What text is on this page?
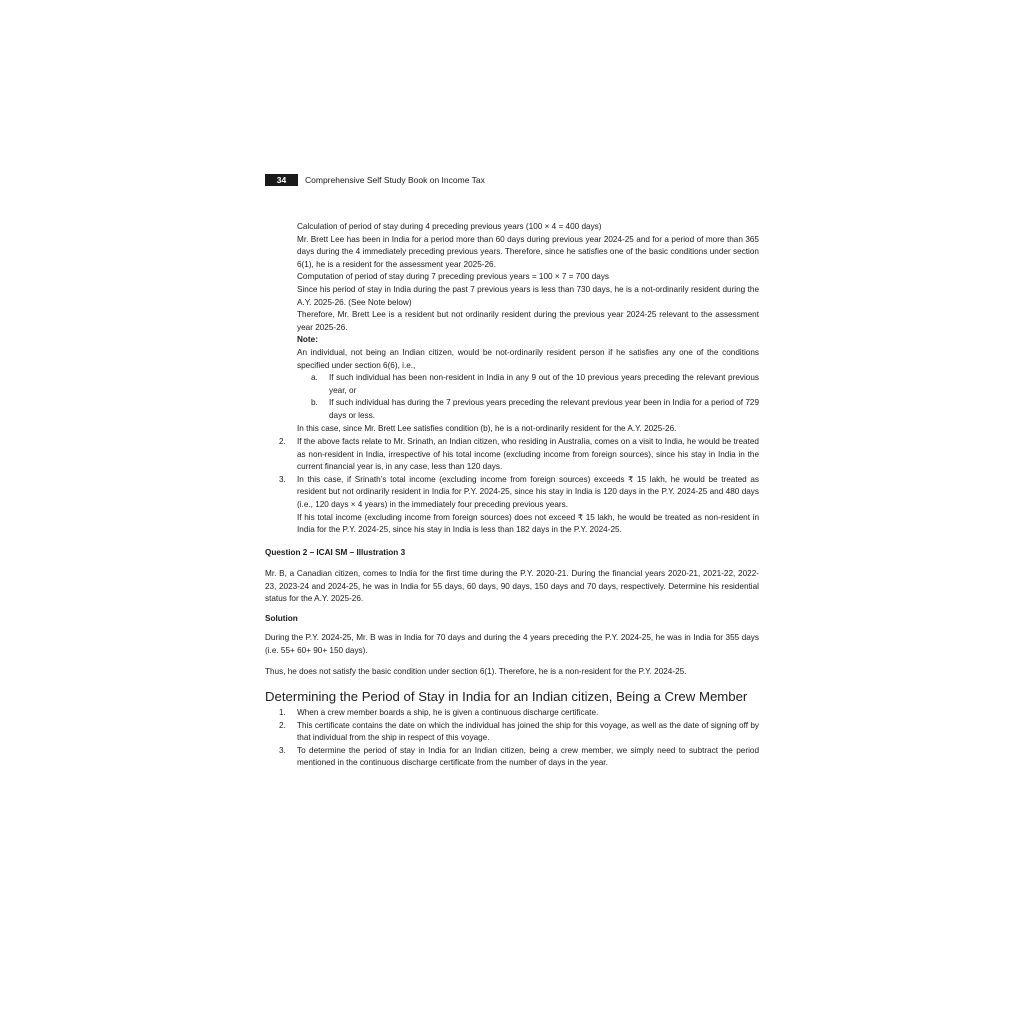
34	Comprehensive Self Study Book on Income Tax

Calculation of period of stay during 4 preceding previous years (100 × 4 = 400 days)

Mr. Brett Lee has been in India for a period more than 60 days during previous year 2024-25 and for a period of more than 365 days during the 4 immediately preceding previous years. Therefore, since he satisfies one of the basic conditions under section 6(1), he is a resident for the assessment year 2025-26.

Computation of period of stay during 7 preceding previous years = 100 × 7 = 700 days

Since his period of stay in India during the past 7 previous years is less than 730 days, he is a not-ordinarily resident during the A.Y. 2025-26. (See Note below)

Therefore, Mr. Brett Lee is a resident but not ordinarily resident during the previous year 2024-25 relevant to the assessment year 2025-26.

Note:

An individual, not being an Indian citizen, would be not-ordinarily resident person if he satisfies any one of the conditions specified under section 6(6), i.e.,

a.	If such individual has been non-resident in India in any 9 out of the 10 previous years preceding the relevant previous year, or
b.	If such individual has during the 7 previous years preceding the relevant previous year been in India for a period of 729 days or less.

In this case, since Mr. Brett Lee satisfies condition (b), he is a not-ordinarily resident for the A.Y. 2025-26.

2.	If the above facts relate to Mr. Srinath, an Indian citizen, who residing in Australia, comes on a visit to India, he would be treated as non-resident in India, irrespective of his total income (excluding income from foreign sources), since his stay in India in the current financial year is, in any case, less than 120 days.

3.	In this case, if Srinath’s total income (excluding income from foreign sources) exceeds ₹ 15 lakh, he would be treated as resident but not ordinarily resident in India for P.Y. 2024-25, since his stay in India is 120 days in the P.Y. 2024-25 and 480 days (i.e., 120 days × 4 years) in the immediately four preceding previous years.

If his total income (excluding income from foreign sources) does not exceed ₹ 15 lakh, he would be treated as non-resident in India for the P.Y. 2024-25, since his stay in India is less than 182 days in the P.Y. 2024-25.

Question 2 – ICAI SM – Illustration 3

Mr. B, a Canadian citizen, comes to India for the first time during the P.Y. 2020-21. During the financial years 2020-21, 2021-22, 2022-23, 2023-24 and 2024-25, he was in India for 55 days, 60 days, 90 days, 150 days and 70 days, respectively. Determine his residential status for the A.Y. 2025-26.

Solution

During the P.Y. 2024-25, Mr. B was in India for 70 days and during the 4 years preceding the P.Y. 2024-25, he was in India for 355 days (i.e. 55+ 60+ 90+ 150 days).

Thus, he does not satisfy the basic condition under section 6(1). Therefore, he is a non-resident for the P.Y. 2024-25.

Determining the Period of Stay in India for an Indian citizen, Being a Crew Member
1.	When a crew member boards a ship, he is given a continuous discharge certificate.

2.	This certificate contains the date on which the individual has joined the ship for this voyage, as well as the date of signing off by that individual from the ship in respect of this voyage.

3.	To determine the period of stay in India for an Indian citizen, being a crew member, we simply need to subtract the period mentioned in the continuous discharge certificate from the number of days in the year.
